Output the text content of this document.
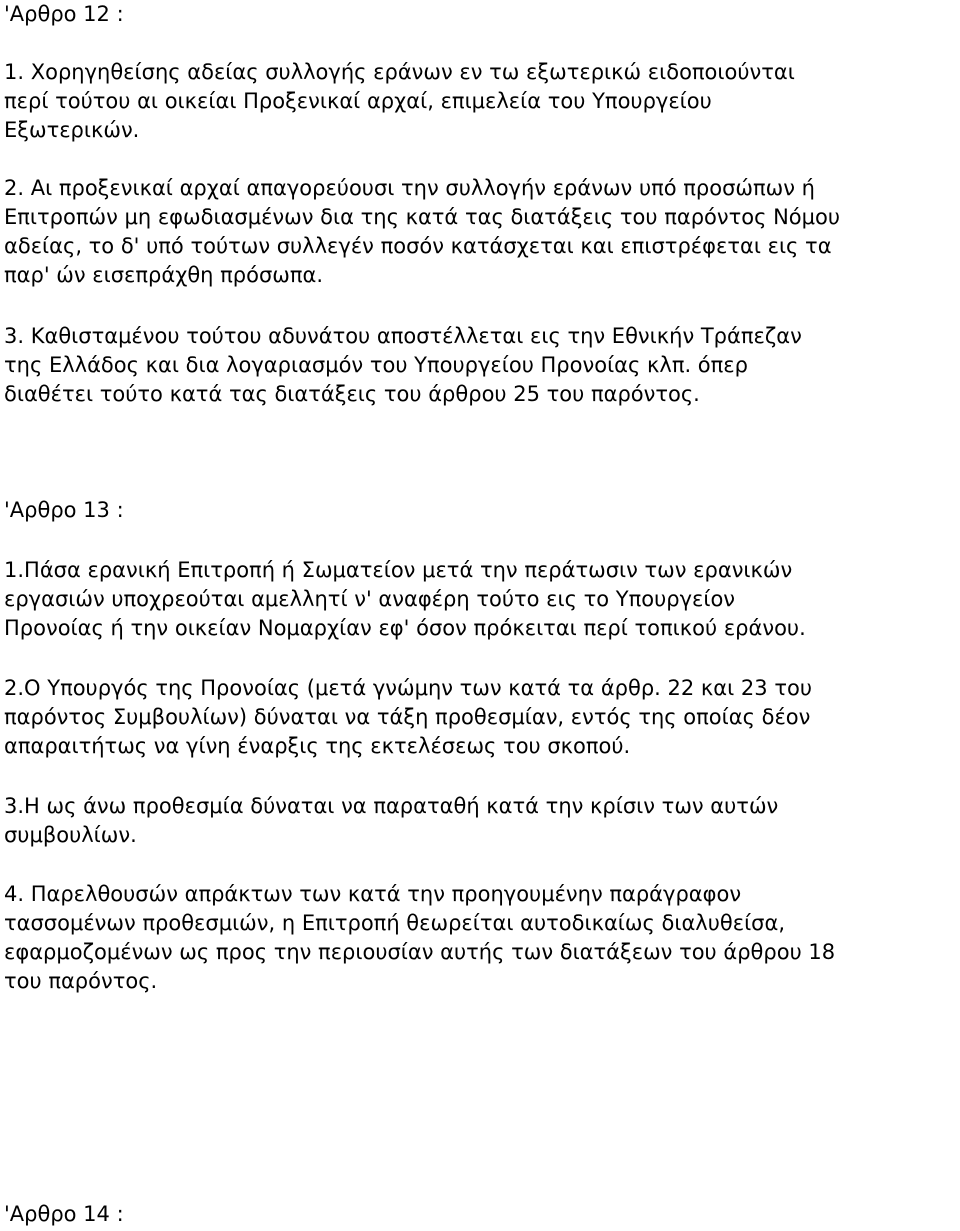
'Αρθρο 12 :
1. Χορηγηθείσης αδείας συλλογής εράνων εν τω εξωτερικώ ειδοποιούνται
περί τούτου αι οικείαι Προξενικαί αρχαί, επιμελεία του Υπουργείου
Εξωτερικών.
2. Αι προξενικαί αρχαί απαγορεύουσι την συλλογήν εράνων υπό προσώπων ή
Επιτροπών μη εφωδιασμένων δια της κατά τας διατάξεις του παρόντος Νόμου
αδείας, το δ' υπό τούτων συλλεγέν ποσόν κατάσχεται και επιστρέφεται εις τα
παρ' ών εισεπράχθη πρόσωπα.
3. Καθισταμένου τούτου αδυνάτου αποστέλλεται εις την Εθνικήν Τράπεζαν
της Ελλάδος και δια λογαριασμόν του Υπουργείου Προνοίας κλπ. όπερ
διαθέτει τούτο κατά τας διατάξεις του άρθρου 25 του παρόντος.
'Αρθρο 13 :
1.Πάσα ερανική Επιτροπή ή Σωματείον μετά την περάτωσιν των ερανικών
εργασιών υποχρεούται αμελλητί ν' αναφέρη τούτο εις το Υπουργείον
Προνοίας ή την οικείαν Νομαρχίαν εφ' όσον πρόκειται περί τοπικού εράνου.
2.Ο Υπουργός της Προνοίας (μετά γνώμην των κατά τα άρθρ. 22 και 23 του
παρόντος Συμβουλίων) δύναται να τάξη προθεσμίαν, εντός της οποίας δέον
απαραιτήτως να γίνη έναρξις της εκτελέσεως του σκοπού.
3.Η ως άνω προθεσμία δύναται να παραταθή κατά την κρίσιν των αυτών
συμβουλίων.
4. Παρελθουσών απράκτων των κατά την προηγουμένην παράγραφον
τασσομένων προθεσμιών, η Επιτροπή θεωρείται αυτοδικαίως διαλυθείσα,
εφαρμοζομένων ως προς την περιουσίαν αυτής των διατάξεων του άρθρου 18
του παρόντος.
'Αρθρο 14 :
